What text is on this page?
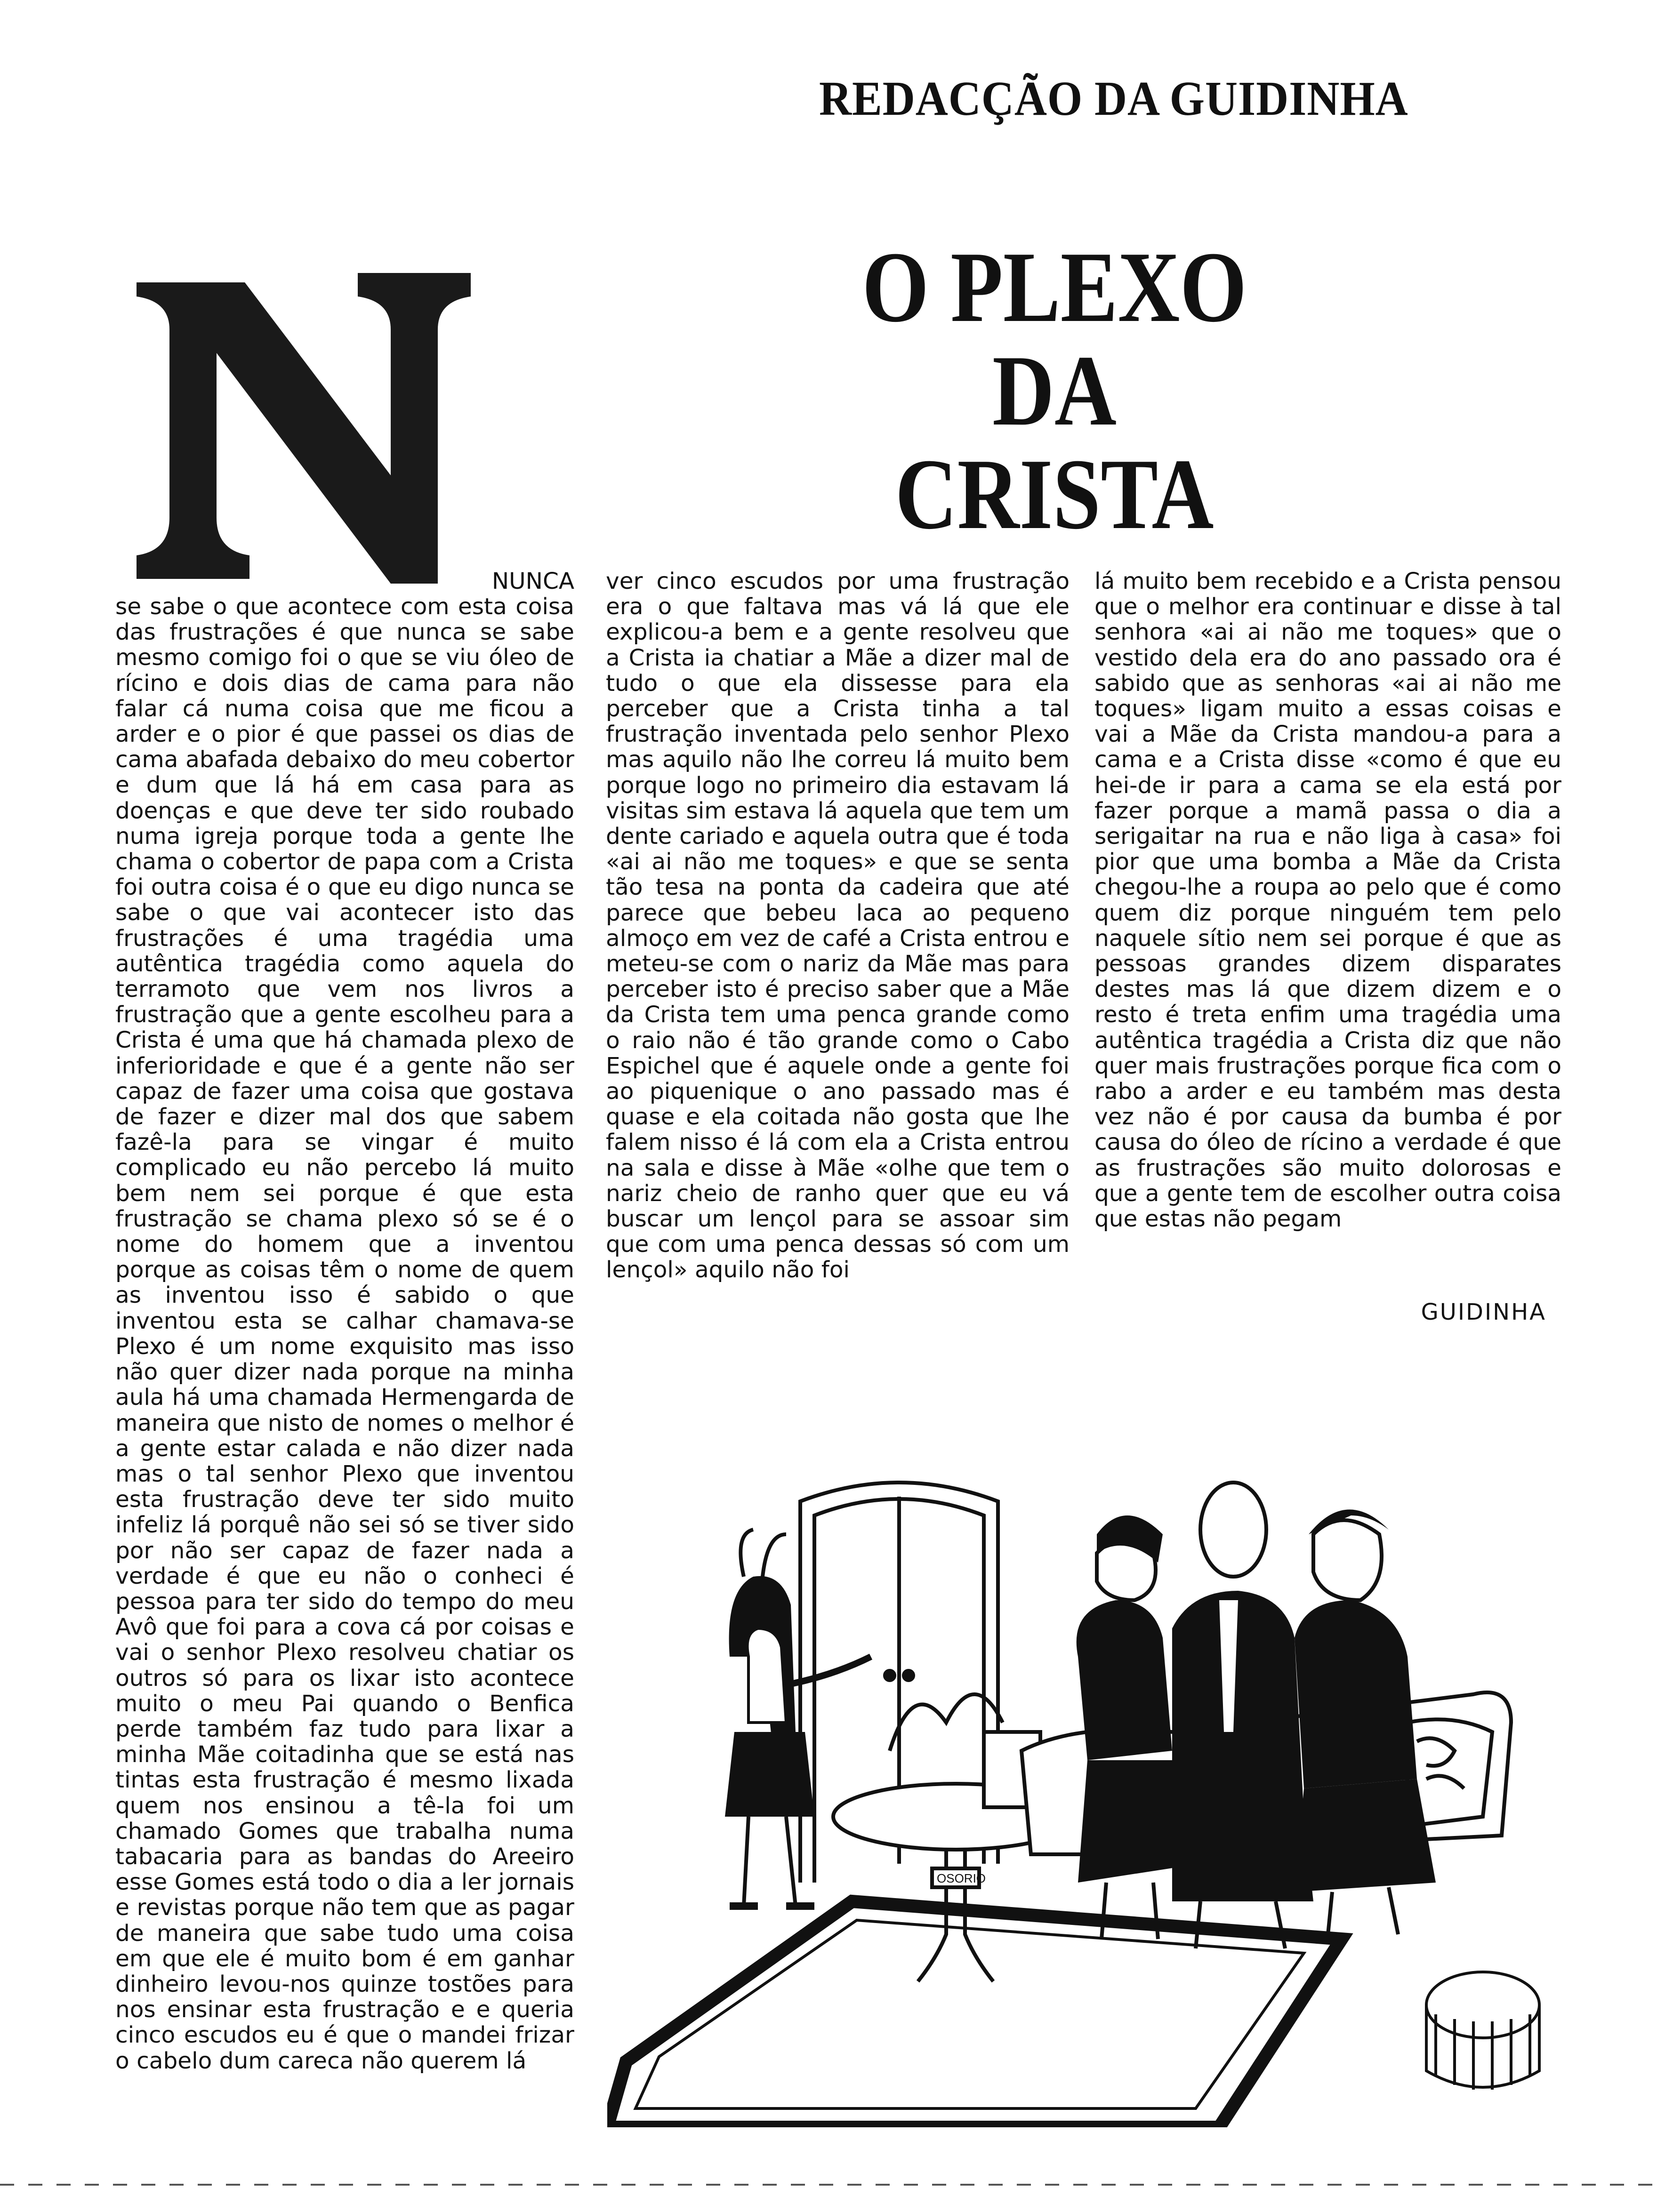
REDACÇÃO DA GUIDINHA
O PLEXO
DA
CRISTA
N
NUNCA

se sabe o que acontece com esta coisa das frustrações é que nunca se sabe mesmo comigo foi o que se viu óleo de rícino e dois dias de cama para não falar cá numa coisa que me ficou a arder e o pior é que passei os dias de cama abafada debaixo do meu cobertor e dum que lá há em casa para as doenças e que deve ter sido roubado numa igreja porque toda a gente lhe chama o cobertor de papa com a Crista foi outra coisa é o que eu digo nunca se sabe o que vai acontecer isto das frustrações é uma tragédia uma autêntica tragédia como aquela do terramoto que vem nos livros a frustração que a gente escolheu para a Crista é uma que há chamada plexo de inferioridade e que é a gente não ser capaz de fazer uma coisa que gostava de fazer e dizer mal dos que sabem fazê-la para se vingar é muito complicado eu não percebo lá muito bem nem sei porque é que esta frustração se chama plexo só se é o nome do homem que a inventou porque as coisas têm o nome de quem as inventou isso é sabido o que inventou esta se calhar chamava-se Plexo é um nome exquisito mas isso não quer dizer nada porque na minha aula há uma chamada Hermengarda de maneira que nisto de nomes o melhor é a gente estar calada e não dizer nada mas o tal senhor Plexo que inventou esta frustração deve ter sido muito infeliz lá porquê não sei só se tiver sido por não ser capaz de fazer nada a verdade é que eu não o conheci é pessoa para ter sido do tempo do meu Avô que foi para a cova cá por coisas e vai o senhor Plexo resolveu chatiar os outros só para os lixar isto acontece muito o meu Pai quando o Benfica perde também faz tudo para lixar a minha Mãe coitadinha que se está nas tintas esta frustração é mesmo lixada quem nos ensinou a tê-la foi um chamado Gomes que trabalha numa tabacaria para as bandas do Areeiro esse Gomes está todo o dia a ler jornais e revistas porque não tem que as pagar de maneira que sabe tudo uma coisa em que ele é muito bom é em ganhar dinheiro levou-nos quinze tostões para nos ensinar esta frustração e e queria cinco escudos eu é que o mandei frizar o cabelo dum careca não querem lá

ver cinco escudos por uma frustração era o que faltava mas vá lá que ele explicou-a bem e a gente resolveu que a Crista ia chatiar a Mãe a dizer mal de tudo o que ela dissesse para ela perceber que a Crista tinha a tal frustração inventada pelo senhor Plexo mas aquilo não lhe correu lá muito bem porque logo no primeiro dia estavam lá visitas sim estava lá aquela que tem um dente cariado e aquela outra que é toda «ai ai não me toques» e que se senta tão tesa na ponta da cadeira que até parece que bebeu laca ao pequeno almoço em vez de café a Crista entrou e meteu-se com o nariz da Mãe mas para perceber isto é preciso saber que a Mãe da Crista tem uma penca grande como o raio não é tão grande como o Cabo Espichel que é aquele onde a gente foi ao piquenique o ano passado mas é quase e ela coitada não gosta que lhe falem nisso é lá com ela a Crista entrou na sala e disse à Mãe «olhe que tem o nariz cheio de ranho quer que eu vá buscar um lençol para se assoar sim que com uma penca dessas só com um lençol» aquilo não foi

lá muito bem recebido e a Crista pensou que o melhor era continuar e disse à tal senhora «ai ai não me toques» que o vestido dela era do ano passado ora é sabido que as senhoras «ai ai não me toques» ligam muito a essas coisas e vai a Mãe da Crista mandou-a para a cama e a Crista disse «como é que eu hei-de ir para a cama se ela está por fazer porque a mamã passa o dia a serigaitar na rua e não liga à casa» foi pior que uma bomba a Mãe da Crista chegou-lhe a roupa ao pelo que é como quem diz porque ninguém tem pelo naquele sítio nem sei porque é que as pessoas grandes dizem disparates destes mas lá que dizem dizem e o resto é treta enfim uma tragédia uma autêntica tragédia a Crista diz que não quer mais frustrações porque fica com o rabo a arder e eu também mas desta vez não é por causa da bumba é por causa do óleo de rícino a verdade é que as frustrações são muito dolorosas e que a gente tem de escolher outra coisa que estas não pegam

GUIDINHA
OSORIO
